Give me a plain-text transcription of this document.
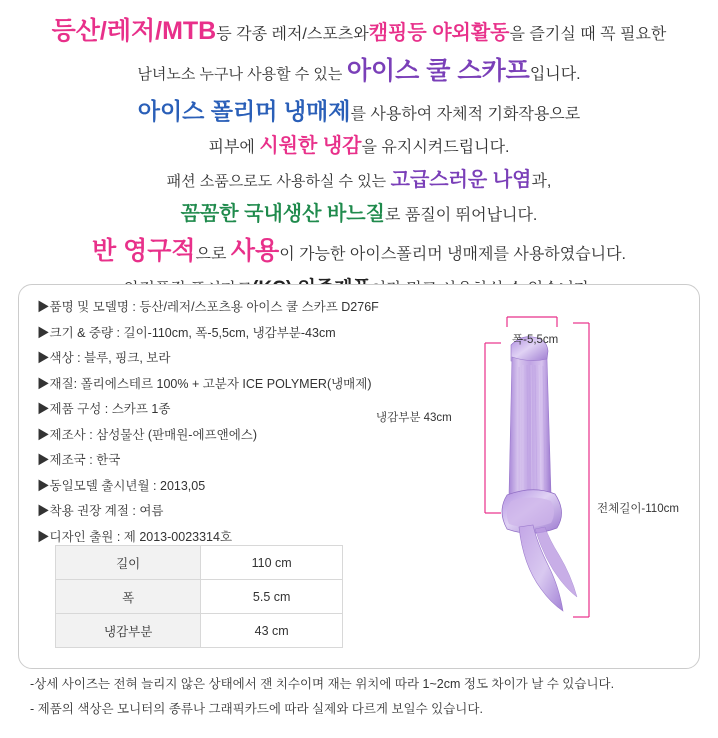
등산/레저/MTB등 각종 레저/스포츠와캠핑등 야외활동을 즐기실 때 꼭 필요한
남녀노소 누구나 사용할 수 있는 아이스 쿨 스카프입니다.
아이스 폴리머 냉매제를 사용하여 자체적 기화작용으로
피부에 시원한 냉감을 유지시켜드립니다.
패션 소품으로도 사용하실 수 있는 고급스러운 나염과,
꼼꼼한 국내생산 바느질로 품질이 뛰어납니다.
반 영구적으로 사용이 가능한 아이스폴리머 냉매제를 사용하였습니다.
▶품명 및 모델명 : 등산/레저/스포츠용 아이스 쿨 스카프 D276F
▶크기 & 중량 : 길이-110cm, 폭-5,5cm, 냉감부분-43cm
▶색상 : 블루, 핑크, 보라
▶재질: 폴리에스테르 100% + 고분자 ICE POLYMER(냉매제)
▶제품 구성 : 스카프 1종
▶제조사 : 삼성물산 (판매원-에프앤에스)
▶제조국 : 한국
▶동일모델 출시년월 : 2013,05
▶착용 권장 계절 : 여름
▶디자인 출원 : 제 2013-0023314호
길이	110 cm
폭	5.5 cm
냉감부분	43 cm
폭-5,5cm
냉감부분 43cm
전체길이-110cm
-상세 사이즈는 전혀 늘리지 않은 상태에서 잰 치수이며 재는 위치에 따라 1~2cm 정도 차이가 날 수 있습니다.
- 제품의 색상은 모니터의 종류나 그래픽카드에 따라 실제와 다르게 보일수 있습니다.
